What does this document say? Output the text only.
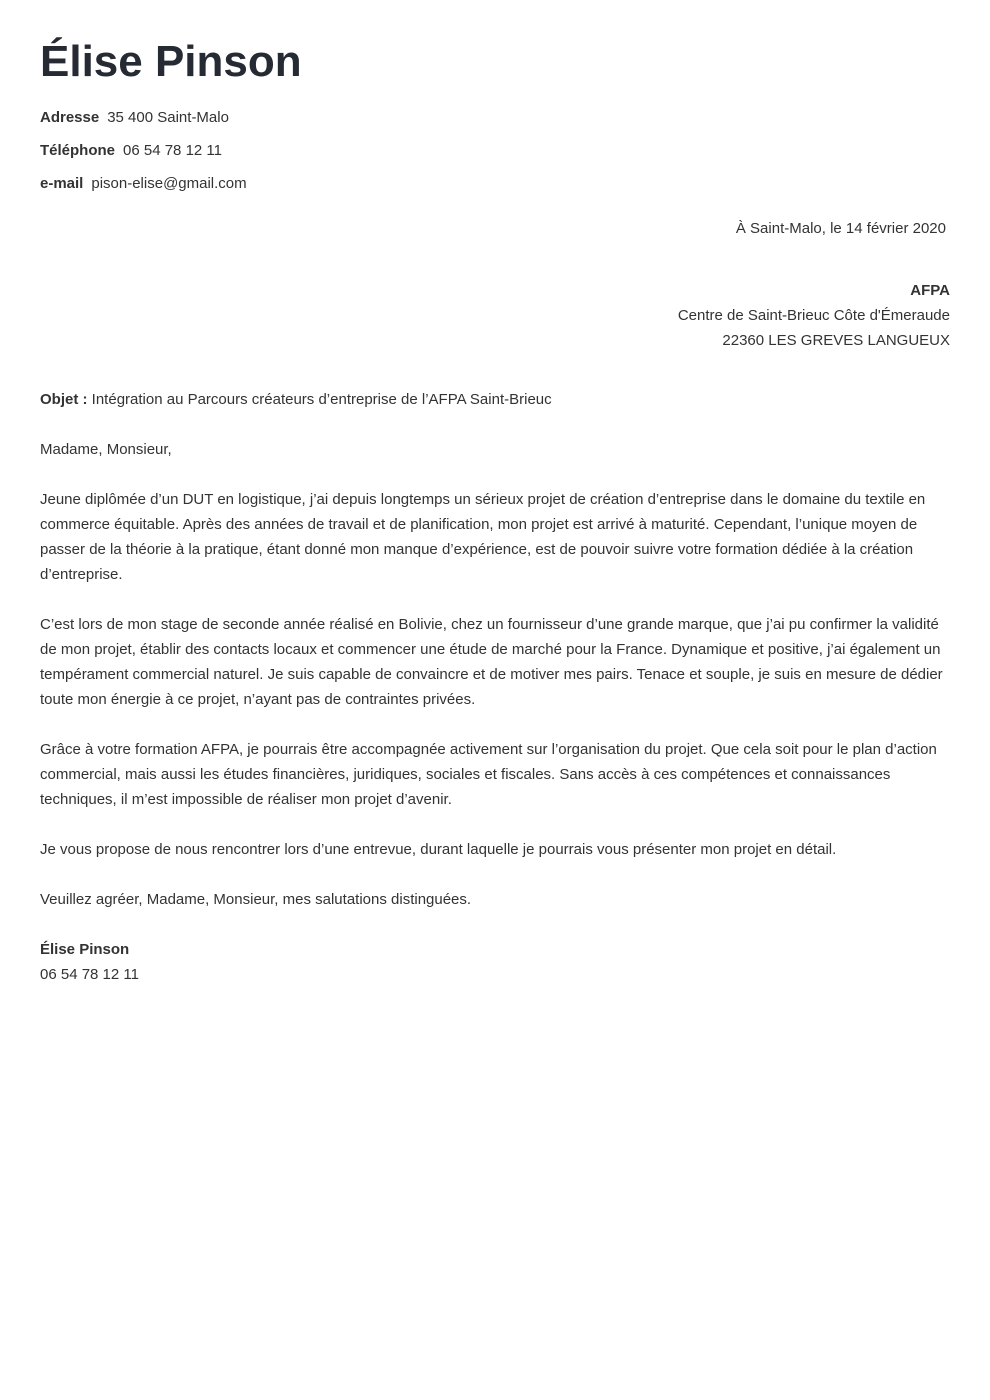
Élise Pinson
Adresse 35 400 Saint-Malo
Téléphone 06 54 78 12 11
e-mail pison-elise@gmail.com
À Saint-Malo, le 14 février 2020
AFPA
Centre de Saint-Brieuc Côte d'Émeraude
22360 LES GREVES LANGUEUX

Objet : Intégration au Parcours créateurs d’entreprise de l’AFPA Saint-Brieuc

Madame, Monsieur,

Jeune diplômée d’un DUT en logistique, j’ai depuis longtemps un sérieux projet de création d’entreprise dans le domaine du textile en commerce équitable. Après des années de travail et de planification, mon projet est arrivé à maturité. Cependant, l’unique moyen de passer de la théorie à la pratique, étant donné mon manque d’expérience, est de pouvoir suivre votre formation dédiée à la création d’entreprise.

C’est lors de mon stage de seconde année réalisé en Bolivie, chez un fournisseur d’une grande marque, que j’ai pu confirmer la validité de mon projet, établir des contacts locaux et commencer une étude de marché pour la France. Dynamique et positive, j’ai également un tempérament commercial naturel. Je suis capable de convaincre et de motiver mes pairs. Tenace et souple, je suis en mesure de dédier toute mon énergie à ce projet, n’ayant pas de contraintes privées.

Grâce à votre formation AFPA, je pourrais être accompagnée activement sur l’organisation du projet. Que cela soit pour le plan d’action commercial, mais aussi les études financières, juridiques, sociales et fiscales. Sans accès à ces compétences et connaissances techniques, il m’est impossible de réaliser mon projet d’avenir.

Je vous propose de nous rencontrer lors d’une entrevue, durant laquelle je pourrais vous présenter mon projet en détail.

Veuillez agréer, Madame, Monsieur, mes salutations distinguées.

Élise Pinson
06 54 78 12 11
